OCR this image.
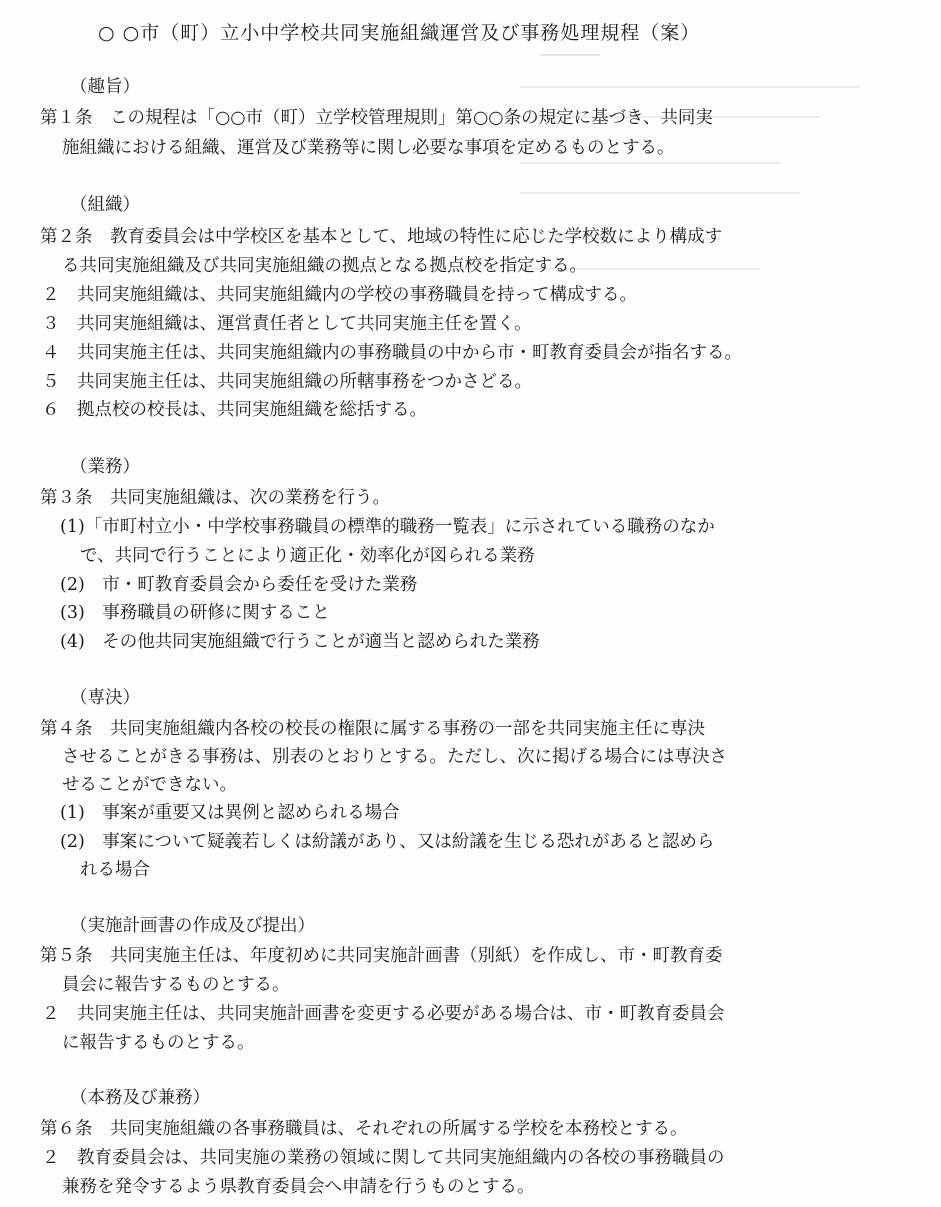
○ ○市（町）立小中学校共同実施組織運営及び事務処理規程（案）
（趣旨）
第１条　この規程は「○○市（町）立学校管理規則」第○○条の規定に基づき、共同実
施組織における組織、運営及び業務等に関し必要な事項を定めるものとする。
（組織）
第２条　教育委員会は中学校区を基本として、地域の特性に応じた学校数により構成す
る共同実施組織及び共同実施組織の拠点となる拠点校を指定する。
２　共同実施組織は、共同実施組織内の学校の事務職員を持って構成する。
３　共同実施組織は、運営責任者として共同実施主任を置く。
４　共同実施主任は、共同実施組織内の事務職員の中から市・町教育委員会が指名する。
５　共同実施主任は、共同実施組織の所轄事務をつかさどる。
６　拠点校の校長は、共同実施組織を総括する。
（業務）
第３条　共同実施組織は、次の業務を行う。
(1)「市町村立小・中学校事務職員の標準的職務一覧表」に示されている職務のなか
で、共同で行うことにより適正化・効率化が図られる業務
(2)　市・町教育委員会から委任を受けた業務
(3)　事務職員の研修に関すること
(4)　その他共同実施組織で行うことが適当と認められた業務
（専決）
第４条　共同実施組織内各校の校長の権限に属する事務の一部を共同実施主任に専決
させることがきる事務は、別表のとおりとする。ただし、次に掲げる場合には専決さ
せることができない。
(1)　事案が重要又は異例と認められる場合
(2)　事案について疑義若しくは紛議があり、又は紛議を生じる恐れがあると認めら
れる場合
（実施計画書の作成及び提出）
第５条　共同実施主任は、年度初めに共同実施計画書（別紙）を作成し、市・町教育委
員会に報告するものとする。
２　共同実施主任は、共同実施計画書を変更する必要がある場合は、市・町教育委員会
に報告するものとする。
（本務及び兼務）
第６条　共同実施組織の各事務職員は、それぞれの所属する学校を本務校とする。
２　教育委員会は、共同実施の業務の領域に関して共同実施組織内の各校の事務職員の
兼務を発令するよう県教育委員会へ申請を行うものとする。
